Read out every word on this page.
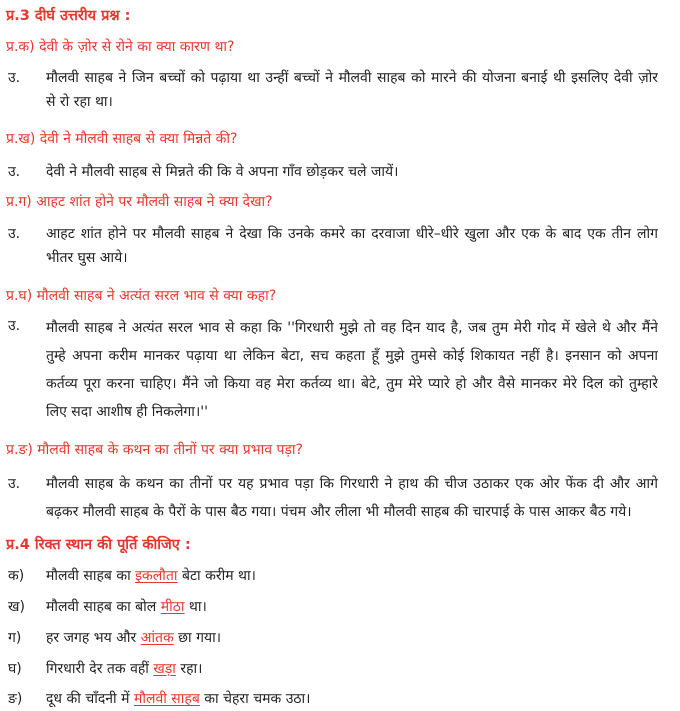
प्र.3 दीर्घ उत्तरीय प्रश्न :
प्र.क) देवी के ज़ोर से रोने का क्या कारण था?
उ.	मौलवी साहब ने जिन बच्चों को पढ़ाया था उन्हीं बच्चों ने मौलवी साहब को मारने की योजना बनाई थी इसलिए देवी ज़ोर
से रो रहा था।
प्र.ख) देवी ने मौलवी साहब से क्या मिन्नते की?
उ.	देवी ने मौलवी साहब से मिन्नते की कि वे अपना गाँव छोड़कर चले जायें।
प्र.ग) आहट शांत होने पर मौलवी साहब ने क्या देखा?
उ.	आहट शांत होने पर मौलवी साहब ने देखा कि उनके कमरे का दरवाजा धीरे–धीरे खुला और एक के बाद एक तीन लोग
भीतर घुस आये।
प्र.घ) मौलवी साहब ने अत्यंत सरल भाव से क्या कहा?
उ.	मौलवी साहब ने अत्यंत सरल भाव से कहा कि ''गिरधारी मुझे तो वह दिन याद है, जब तुम मेरी गोद में खेले थे और मैंने
तुम्हे अपना करीम मानकर पढ़ाया था लेकिन बेटा, सच कहता हूँ मुझे तुमसे कोई शिकायत नहीं है। इनसान को अपना
कर्तव्य पूरा करना चाहिए। मैंने जो किया वह मेरा कर्तव्य था। बेटे, तुम मेरे प्यारे हो और वैसे मानकर मेरे दिल को तुम्हारे
लिए सदा आशीष ही निकलेगा।''
प्र.ङ) मौलवी साहब के कथन का तीनों पर क्या प्रभाव पड़ा?
उ.	मौलवी साहब के कथन का तीनों पर यह प्रभाव पड़ा कि गिरधारी ने हाथ की चीज उठाकर एक ओर फेंक दी और आगे
बढ़कर मौलवी साहब के पैरों के पास बैठ गया। पंचम और लीला भी मौलवी साहब की चारपाई के पास आकर बैठ गये।
प्र.4 रिक्त स्थान की पूर्ति कीजिए :
क)	मौलवी साहब का इकलौता बेटा करीम था।
ख)	मौलवी साहब का बोल मीठा था।
ग)	हर जगह भय और आंतक छा गया।
घ)	गिरधारी देर तक वहीं खड़ा रहा।
ङ)	दूध की चाँदनी में मौलवी साहब का चेहरा चमक उठा।
